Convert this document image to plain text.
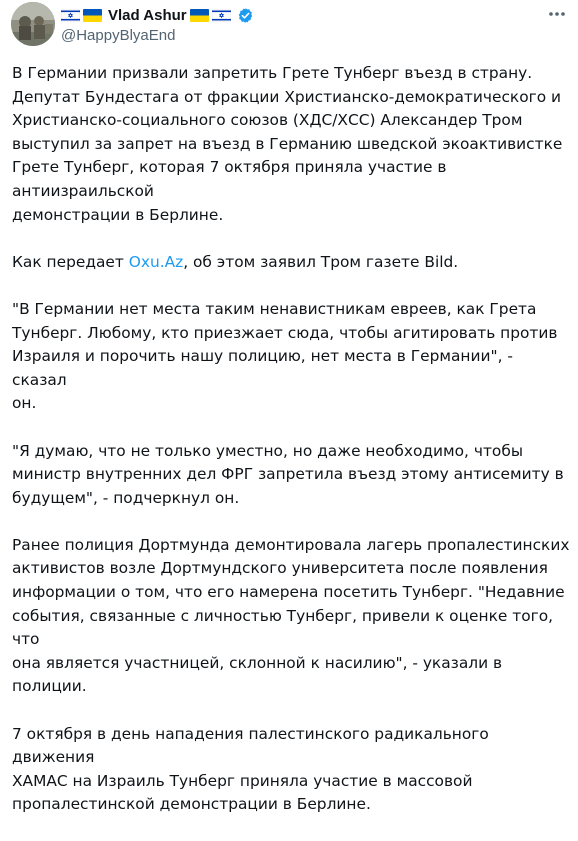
Vlad Ashur
@HappyBlyaEnd

В Германии призвали запретить Грете Тунберг въезд в страну.
Депутат Бундестага от фракции Христианско-демократического и
Христианско-социального союзов (ХДС/ХСС) Александер Тром
выступил за запрет на въезд в Германию шведской экоактивистке
Грете Тунберг, которая 7 октября приняла участие в антиизраильской
демонстрации в Берлине.

Как передает Oxu.Az, об этом заявил Тром газете Bild.

"В Германии нет места таким ненавистникам евреев, как Грета
Тунберг. Любому, кто приезжает сюда, чтобы агитировать против
Израиля и порочить нашу полицию, нет места в Германии", - сказал
он.

"Я думаю, что не только уместно, но даже необходимо, чтобы
министр внутренних дел ФРГ запретила въезд этому антисемиту в
будущем", - подчеркнул он.

Ранее полиция Дортмунда демонтировала лагерь пропалестинских
активистов возле Дортмундского университета после появления
информации о том, что его намерена посетить Тунберг. "Недавние
события, связанные с личностью Тунберг, привели к оценке того, что
она является участницей, склонной к насилию", - указали в полиции.

7 октября в день нападения палестинского радикального движения
ХАМАС на Израиль Тунберг приняла участие в массовой
пропалестинской демонстрации в Берлине.
